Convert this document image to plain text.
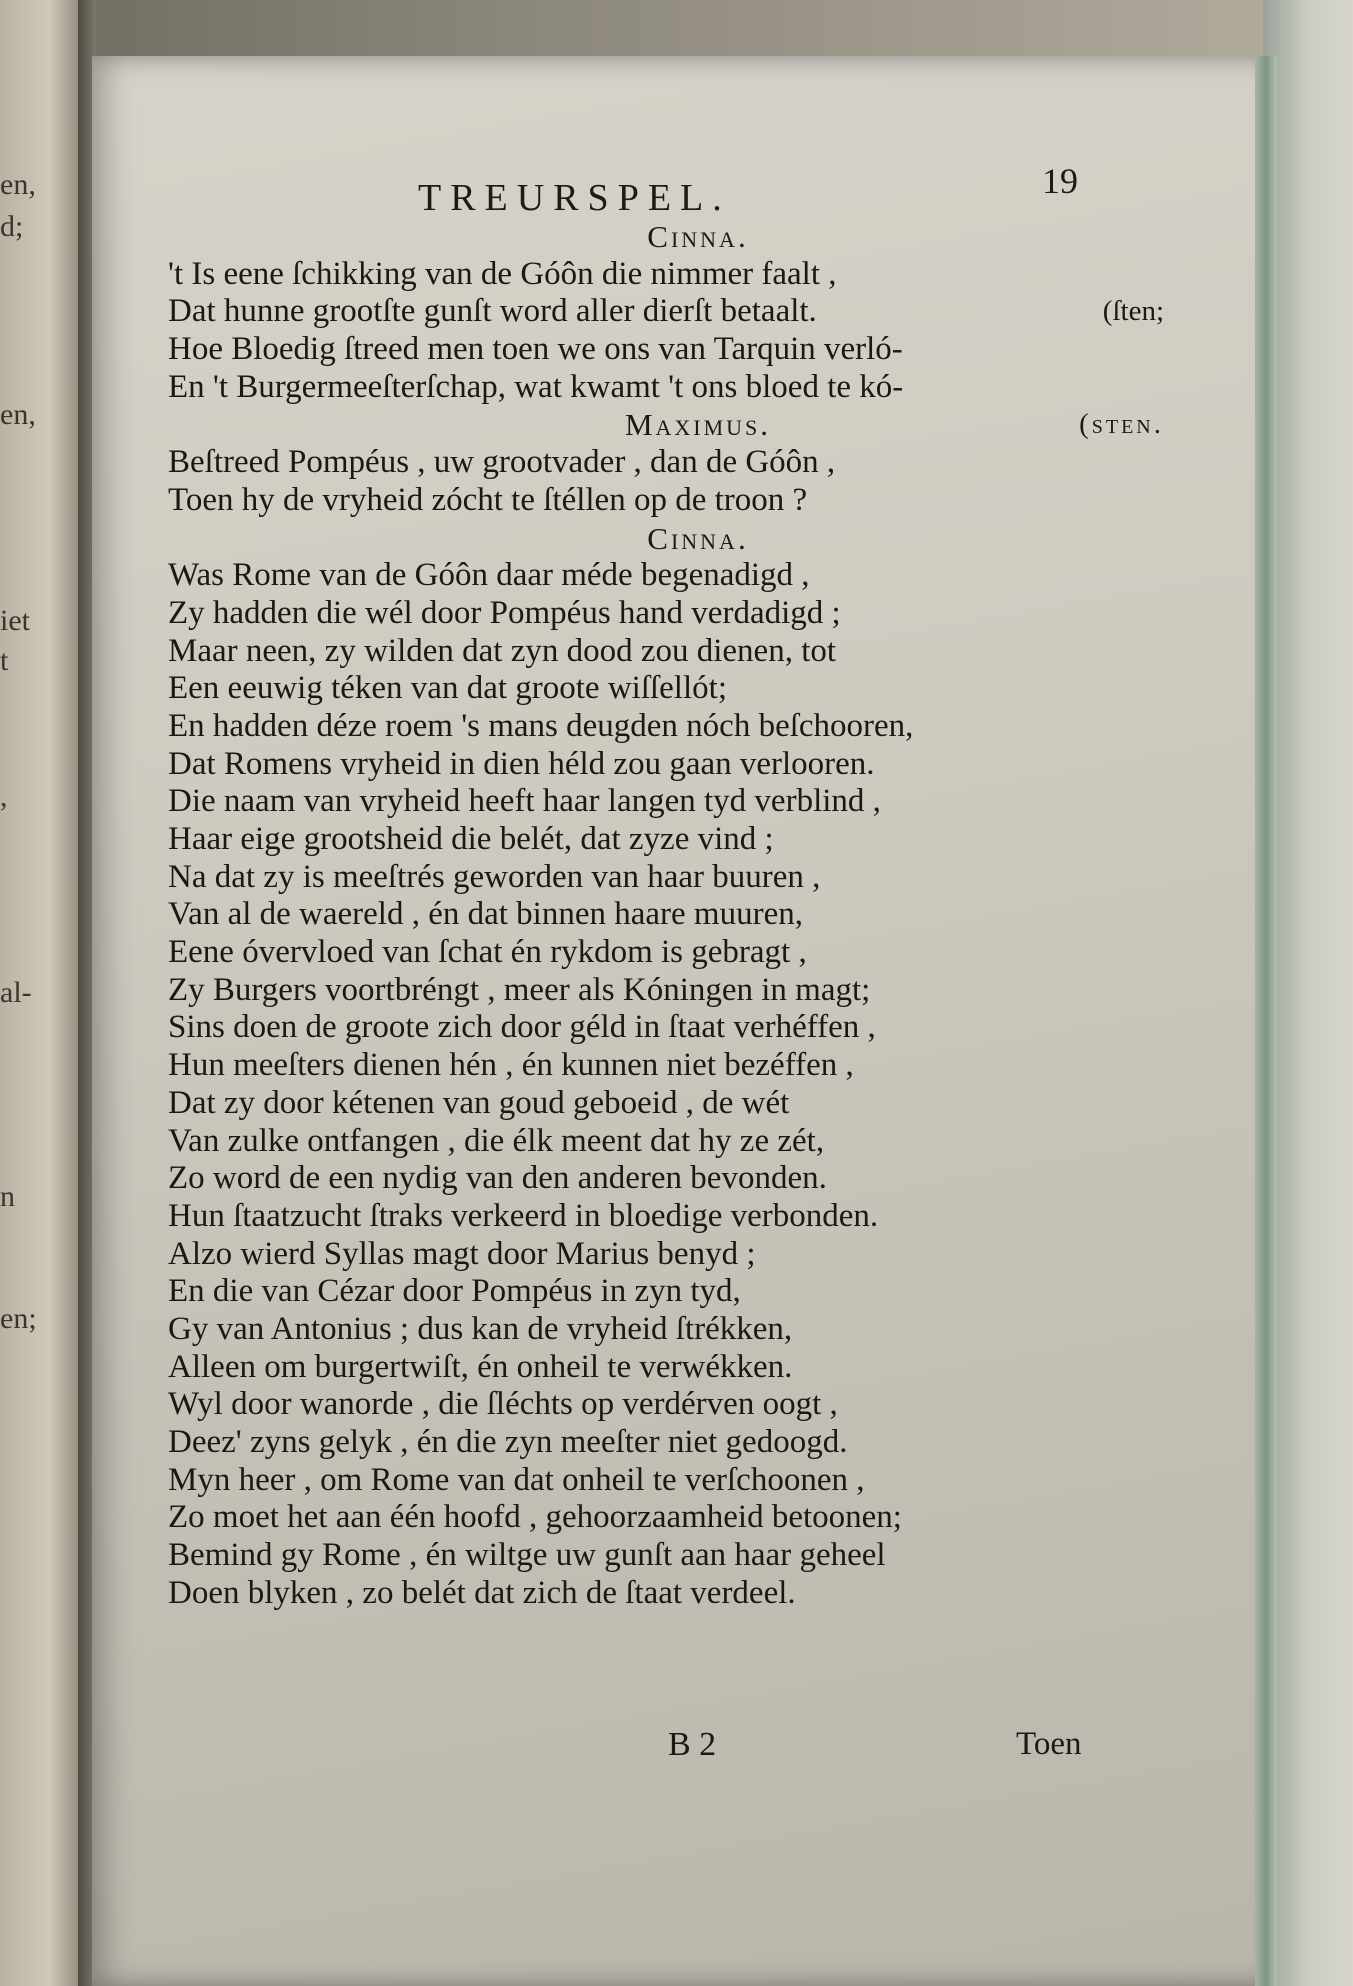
en,
d;
en,
iet
t
,
al-
n
en;
TREURSPEL.	19
Cinna.
't Is eene ſchikking van de Góôn die nimmer faalt ,
Dat hunne grootſte gunſt word aller dierſt betaalt.	(ſten;
Hoe Bloedig ſtreed men toen we ons van Tarquin verló-
En 't Burgermeeſterſchap, wat kwamt 't ons bloed te kó-
Maximus.	(ſten.
Beſtreed Pompéus , uw grootvader , dan de Góôn ,
Toen hy de vryheid zócht te ſtéllen op de troon ?
Cinna.
Was Rome van de Góôn daar méde begenadigd ,
Zy hadden die wél door Pompéus hand verdadigd ;
Maar neen, zy wilden dat zyn dood zou dienen, tot
Een eeuwig téken van dat groote wiſſellót;
En hadden déze roem 's mans deugden nóch beſchooren,
Dat Romens vryheid in dien héld zou gaan verlooren.
Die naam van vryheid heeft haar langen tyd verblind ,
Haar eige grootsheid die belét, dat zyze vind ;
Na dat zy is meeſtrés geworden van haar buuren ,
Van al de waereld , én dat binnen haare muuren,
Eene óvervloed van ſchat én rykdom is gebragt ,
Zy Burgers voortbréngt , meer als Kóningen in magt;
Sins doen de groote zich door géld in ſtaat verhéffen ,
Hun meeſters dienen hén , én kunnen niet bezéffen ,
Dat zy door kétenen van goud geboeid , de wét
Van zulke ontfangen , die élk meent dat hy ze zét,
Zo word de een nydig van den anderen bevonden.
Hun ſtaatzucht ſtraks verkeerd in bloedige verbonden.
Alzo wierd Syllas magt door Marius benyd ;
En die van Cézar door Pompéus in zyn tyd,
Gy van Antonius ; dus kan de vryheid ſtrékken,
Alleen om burgertwiſt, én onheil te verwékken.
Wyl door wanorde , die ſléchts op verdérven oogt ,
Deez' zyns gelyk , én die zyn meeſter niet gedoogd.
Myn heer , om Rome van dat onheil te verſchoonen ,
Zo moet het aan één hoofd , gehoorzaamheid betoonen;
Bemind gy Rome , én wiltge uw gunſt aan haar geheel
Doen blyken , zo belét dat zich de ſtaat verdeel.
B 2	Toen
